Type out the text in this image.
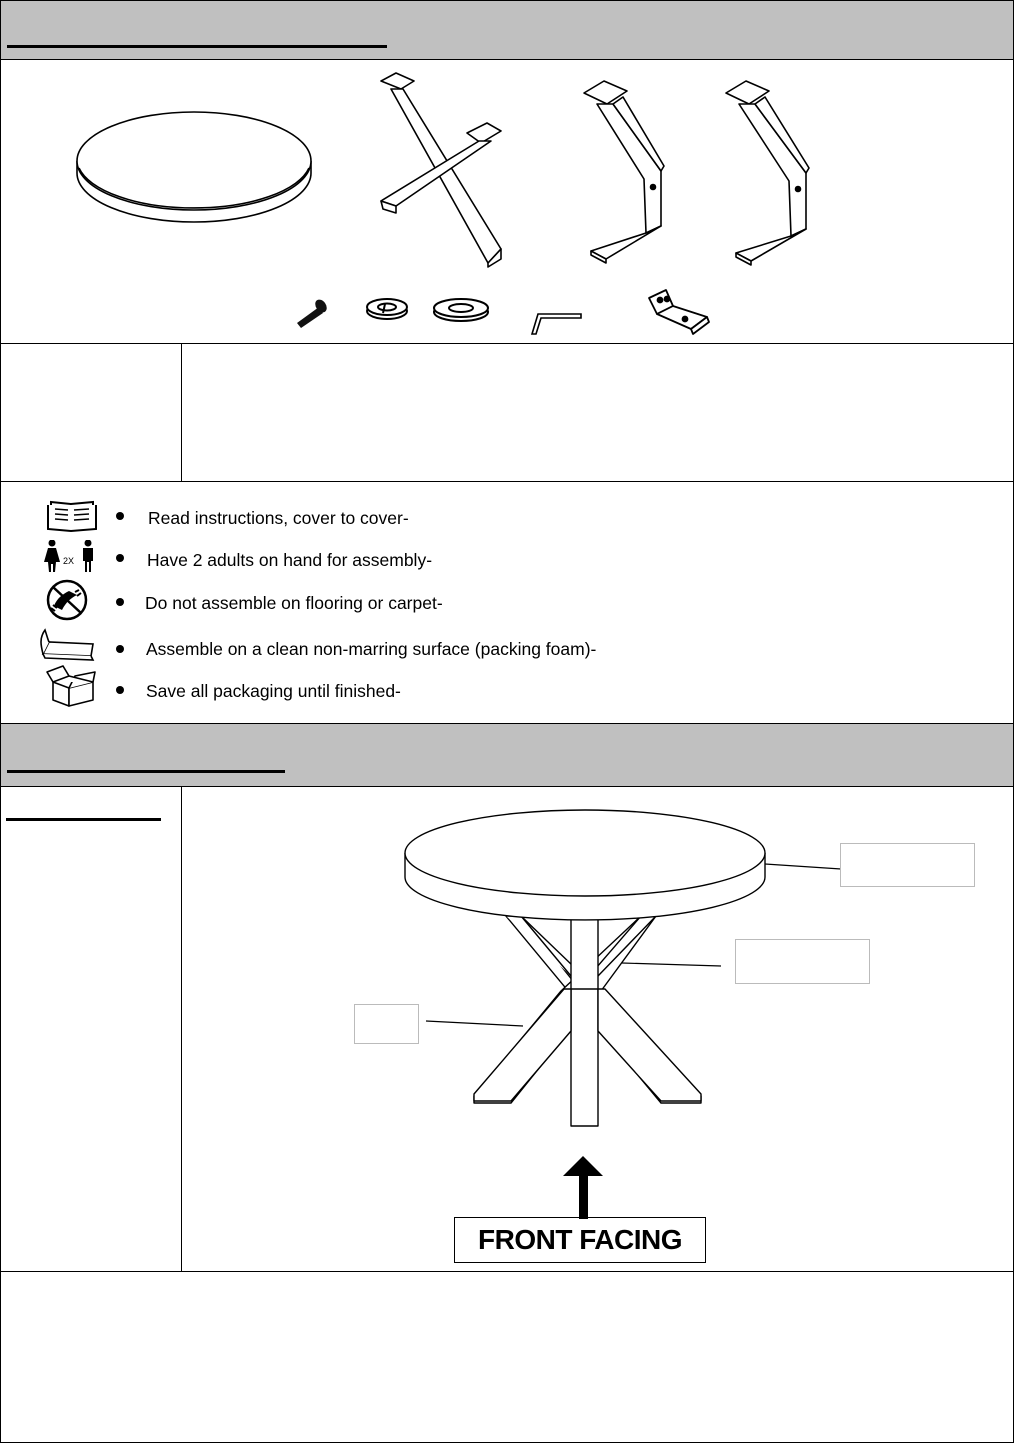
Read instructions, cover to cover-
2X	Have 2 adults on hand for assembly-
Do not assemble on flooring or carpet-
Assemble on a clean non-marring surface (packing foam)-
Save all packaging until finished-
FRONT FACING
